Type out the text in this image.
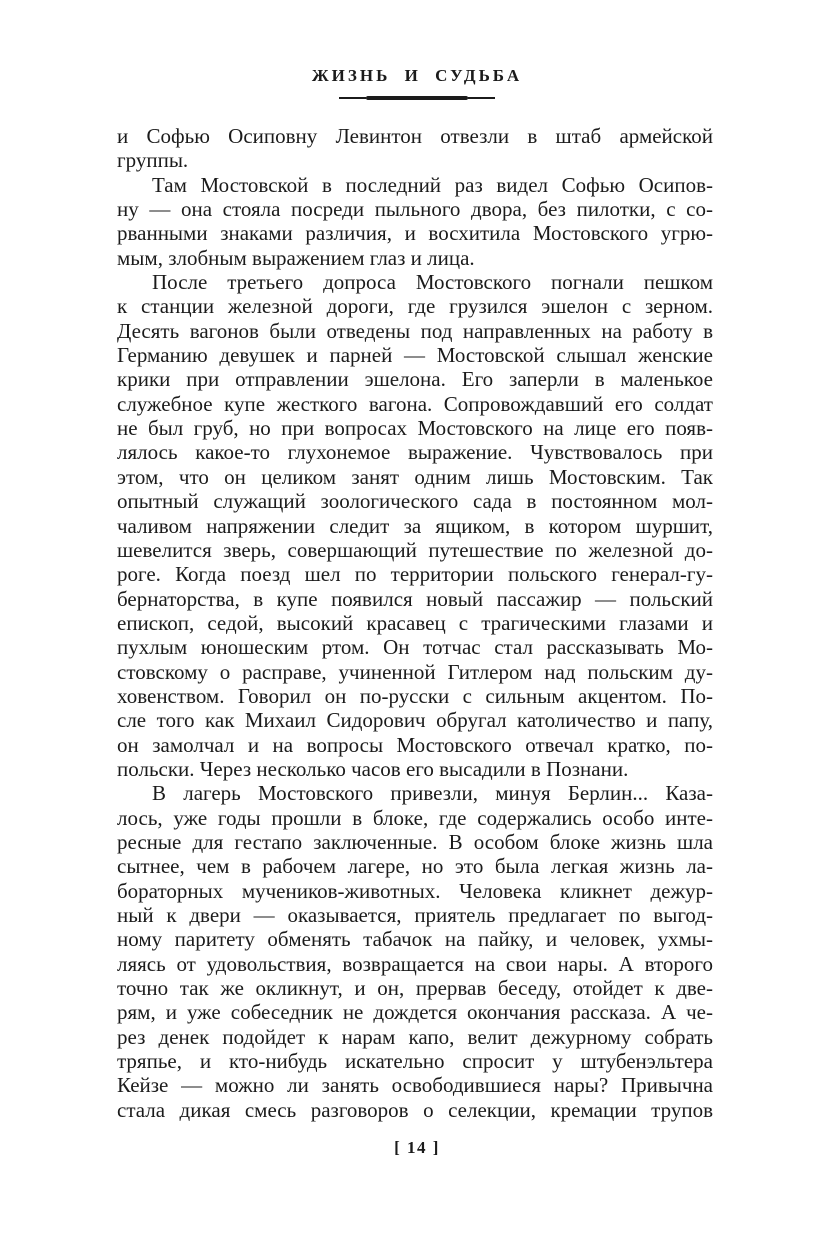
ЖИЗНЬ И СУДЬБА
и Софью Осиповну Левинтон отвезли в штаб армейской
группы.
Там Мостовской в последний раз видел Софью Осипов-
ну — она стояла посреди пыльного двора, без пилотки, с со-
рванными знаками различия, и восхитила Мостовского угрю-
мым, злобным выражением глаз и лица.
После третьего допроса Мостовского погнали пешком
к станции железной дороги, где грузился эшелон с зерном.
Десять вагонов были отведены под направленных на работу в
Германию девушек и парней — Мостовской слышал женские
крики при отправлении эшелона. Его заперли в маленькое
служебное купе жесткого вагона. Сопровождавший его солдат
не был груб, но при вопросах Мостовского на лице его появ-
лялось какое-то глухонемое выражение. Чувствовалось при
этом, что он целиком занят одним лишь Мостовским. Так
опытный служащий зоологического сада в постоянном мол-
чаливом напряжении следит за ящиком, в котором шуршит,
шевелится зверь, совершающий путешествие по железной до-
роге. Когда поезд шел по территории польского генерал-гу-
бернаторства, в купе появился новый пассажир — польский
епископ, седой, высокий красавец с трагическими глазами и
пухлым юношеским ртом. Он тотчас стал рассказывать Мо-
стовскому о расправе, учиненной Гитлером над польским ду-
ховенством. Говорил он по-русски с сильным акцентом. По-
сле того как Михаил Сидорович обругал католичество и папу,
он замолчал и на вопросы Мостовского отвечал кратко, по-
польски. Через несколько часов его высадили в Познани.
В лагерь Мостовского привезли, минуя Берлин... Каза-
лось, уже годы прошли в блоке, где содержались особо инте-
ресные для гестапо заключенные. В особом блоке жизнь шла
сытнее, чем в рабочем лагере, но это была легкая жизнь ла-
бораторных мучеников-животных. Человека кликнет дежур-
ный к двери — оказывается, приятель предлагает по выгод-
ному паритету обменять табачок на пайку, и человек, ухмы-
ляясь от удовольствия, возвращается на свои нары. А второго
точно так же окликнут, и он, прервав беседу, отойдет к две-
рям, и уже собеседник не дождется окончания рассказа. А че-
рез денек подойдет к нарам капо, велит дежурному собрать
тряпье, и кто-нибудь искательно спросит у штубенэльтера
Кейзе — можно ли занять освободившиеся нары? Привычна
стала дикая смесь разговоров о селекции, кремации трупов
[ 14 ]
